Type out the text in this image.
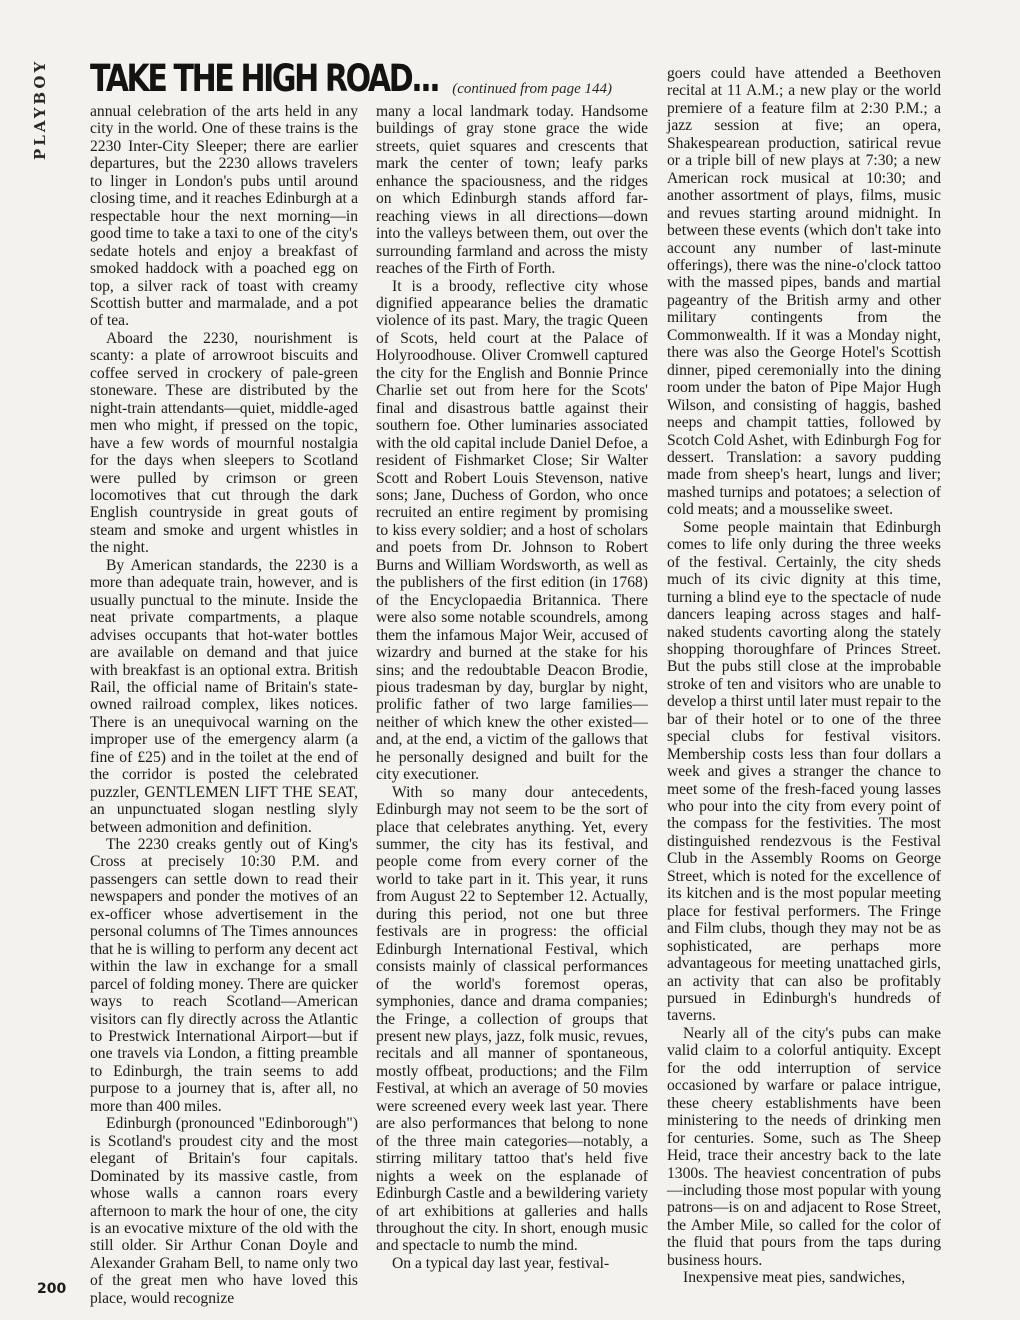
PLAYBOY TAKE THE HIGH ROAD... (continued from page 144)

annual celebration of the arts held in any city in the world. One of these trains is the 2230 Inter-City Sleeper; there are earlier departures, but the 2230 allows travelers to linger in London's pubs until around closing time, and it reaches Edinburgh at a respectable hour the next morning—in good time to take a taxi to one of the city's sedate hotels and enjoy a breakfast of smoked haddock with a poached egg on top, a silver rack of toast with creamy Scottish butter and marmalade, and a pot of tea.

Aboard the 2230, nourishment is scanty: a plate of arrowroot biscuits and coffee served in crockery of pale-green stoneware. These are distributed by the night-train attendants—quiet, middle-aged men who might, if pressed on the topic, have a few words of mournful nostalgia for the days when sleepers to Scotland were pulled by crimson or green locomotives that cut through the dark English countryside in great gouts of steam and smoke and urgent whistles in the night.

By American standards, the 2230 is a more than adequate train, however, and is usually punctual to the minute. Inside the neat private compartments, a plaque advises occupants that hot-water bottles are available on demand and that juice with breakfast is an optional extra. British Rail, the official name of Britain's state-owned railroad complex, likes notices. There is an unequivocal warning on the improper use of the emergency alarm (a fine of £25) and in the toilet at the end of the corridor is posted the celebrated puzzler, GENTLEMEN LIFT THE SEAT, an unpunctuated slogan nestling slyly between admonition and definition.

The 2230 creaks gently out of King's Cross at precisely 10:30 P.M. and passengers can settle down to read their newspapers and ponder the motives of an ex-officer whose advertisement in the personal columns of The Times announces that he is willing to perform any decent act within the law in exchange for a small parcel of folding money. There are quicker ways to reach Scotland—American visitors can fly directly across the Atlantic to Prestwick International Airport—but if one travels via London, a fitting preamble to Edinburgh, the train seems to add purpose to a journey that is, after all, no more than 400 miles.

Edinburgh (pronounced "Edinborough") is Scotland's proudest city and the most elegant of Britain's four capitals. Dominated by its massive castle, from whose walls a cannon roars every afternoon to mark the hour of one, the city is an evocative mixture of the old with the still older. Sir Arthur Conan Doyle and Alexander Graham Bell, to name only two of the great men who have loved this place, would recognize

many a local landmark today. Handsome buildings of gray stone grace the wide streets, quiet squares and crescents that mark the center of town; leafy parks enhance the spaciousness, and the ridges on which Edinburgh stands afford far-reaching views in all directions—down into the valleys between them, out over the surrounding farmland and across the misty reaches of the Firth of Forth.

It is a broody, reflective city whose dignified appearance belies the dramatic violence of its past. Mary, the tragic Queen of Scots, held court at the Palace of Holyroodhouse. Oliver Cromwell captured the city for the English and Bonnie Prince Charlie set out from here for the Scots' final and disastrous battle against their southern foe. Other luminaries associated with the old capital include Daniel Defoe, a resident of Fishmarket Close; Sir Walter Scott and Robert Louis Stevenson, native sons; Jane, Duchess of Gordon, who once recruited an entire regiment by promising to kiss every soldier; and a host of scholars and poets from Dr. Johnson to Robert Burns and William Wordsworth, as well as the publishers of the first edition (in 1768) of the Encyclopaedia Britannica. There were also some notable scoundrels, among them the infamous Major Weir, accused of wizardry and burned at the stake for his sins; and the redoubtable Deacon Brodie, pious tradesman by day, burglar by night, prolific father of two large families—neither of which knew the other existed—and, at the end, a victim of the gallows that he personally designed and built for the city executioner.

With so many dour antecedents, Edinburgh may not seem to be the sort of place that celebrates anything. Yet, every summer, the city has its festival, and people come from every corner of the world to take part in it. This year, it runs from August 22 to September 12. Actually, during this period, not one but three festivals are in progress: the official Edinburgh International Festival, which consists mainly of classical performances of the world's foremost operas, symphonies, dance and drama companies; the Fringe, a collection of groups that present new plays, jazz, folk music, revues, recitals and all manner of spontaneous, mostly offbeat, productions; and the Film Festival, at which an average of 50 movies were screened every week last year. There are also performances that belong to none of the three main categories—notably, a stirring military tattoo that's held five nights a week on the esplanade of Edinburgh Castle and a bewildering variety of art exhibitions at galleries and halls throughout the city. In short, enough music and spectacle to numb the mind.

On a typical day last year, festival-

goers could have attended a Beethoven recital at 11 A.M.; a new play or the world premiere of a feature film at 2:30 P.M.; a jazz session at five; an opera, Shakespearean production, satirical revue or a triple bill of new plays at 7:30; a new American rock musical at 10:30; and another assortment of plays, films, music and revues starting around midnight. In between these events (which don't take into account any number of last-minute offerings), there was the nine-o'clock tattoo with the massed pipes, bands and martial pageantry of the British army and other military contingents from the Commonwealth. If it was a Monday night, there was also the George Hotel's Scottish dinner, piped ceremonially into the dining room under the baton of Pipe Major Hugh Wilson, and consisting of haggis, bashed neeps and champit tatties, followed by Scotch Cold Ashet, with Edinburgh Fog for dessert. Translation: a savory pudding made from sheep's heart, lungs and liver; mashed turnips and potatoes; a selection of cold meats; and a mousselike sweet.

Some people maintain that Edinburgh comes to life only during the three weeks of the festival. Certainly, the city sheds much of its civic dignity at this time, turning a blind eye to the spectacle of nude dancers leaping across stages and half-naked students cavorting along the stately shopping thoroughfare of Princes Street. But the pubs still close at the improbable stroke of ten and visitors who are unable to develop a thirst until later must repair to the bar of their hotel or to one of the three special clubs for festival visitors. Membership costs less than four dollars a week and gives a stranger the chance to meet some of the fresh-faced young lasses who pour into the city from every point of the compass for the festivities. The most distinguished rendezvous is the Festival Club in the Assembly Rooms on George Street, which is noted for the excellence of its kitchen and is the most popular meeting place for festival performers. The Fringe and Film clubs, though they may not be as sophisticated, are perhaps more advantageous for meeting unattached girls, an activity that can also be profitably pursued in Edinburgh's hundreds of taverns.

Nearly all of the city's pubs can make valid claim to a colorful antiquity. Except for the odd interruption of service occasioned by warfare or palace intrigue, these cheery establishments have been ministering to the needs of drinking men for centuries. Some, such as The Sheep Heid, trace their ancestry back to the late 1300s. The heaviest concentration of pubs—including those most popular with young patrons—is on and adjacent to Rose Street, the Amber Mile, so called for the color of the fluid that pours from the taps during business hours.

Inexpensive meat pies, sandwiches,

200
